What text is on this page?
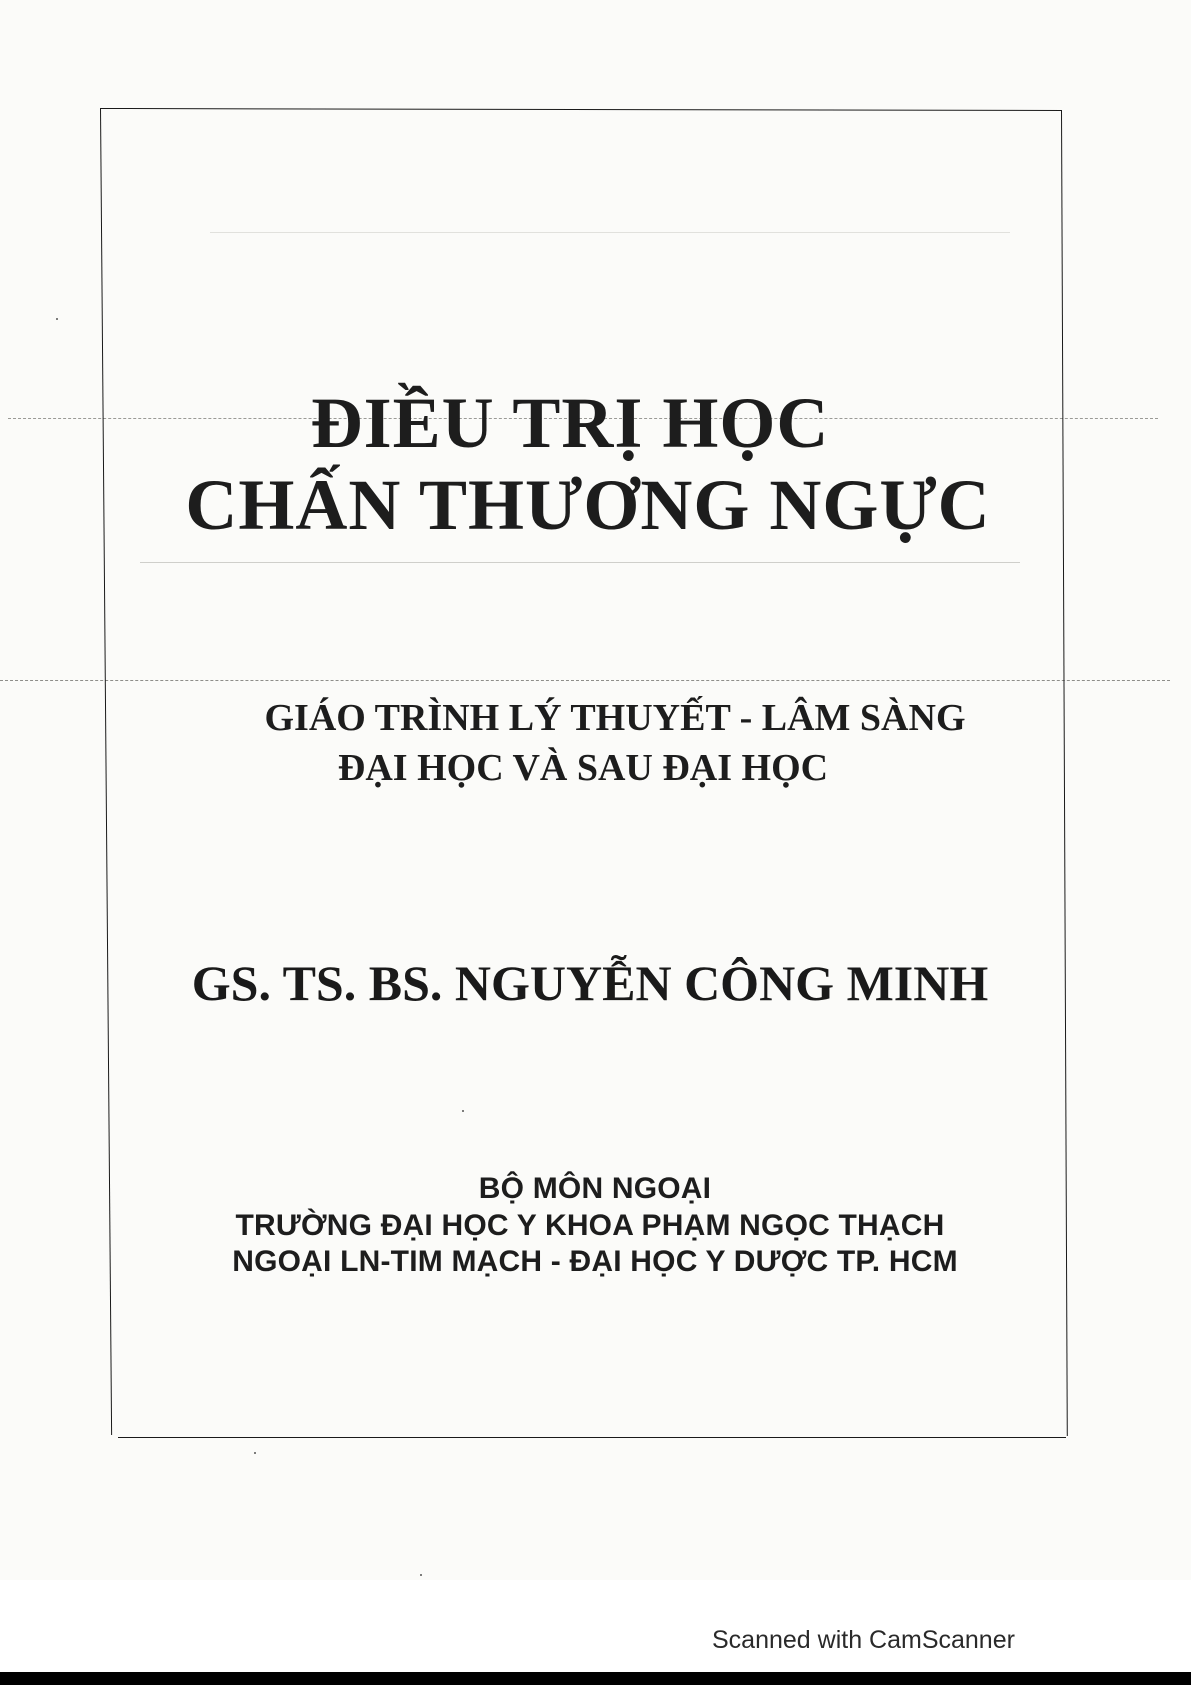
ĐIỀU TRỊ HỌC
CHẤN THƯƠNG NGỰC
GIÁO TRÌNH LÝ THUYẾT - LÂM SÀNG
ĐẠI HỌC VÀ SAU ĐẠI HỌC
GS. TS. BS. NGUYỄN CÔNG MINH
BỘ MÔN NGOẠI
TRƯỜNG ĐẠI HỌC Y KHOA PHẠM NGỌC THẠCH
NGOẠI LN-TIM MẠCH - ĐẠI HỌC Y DƯỢC TP. HCM
Scanned with CamScanner
